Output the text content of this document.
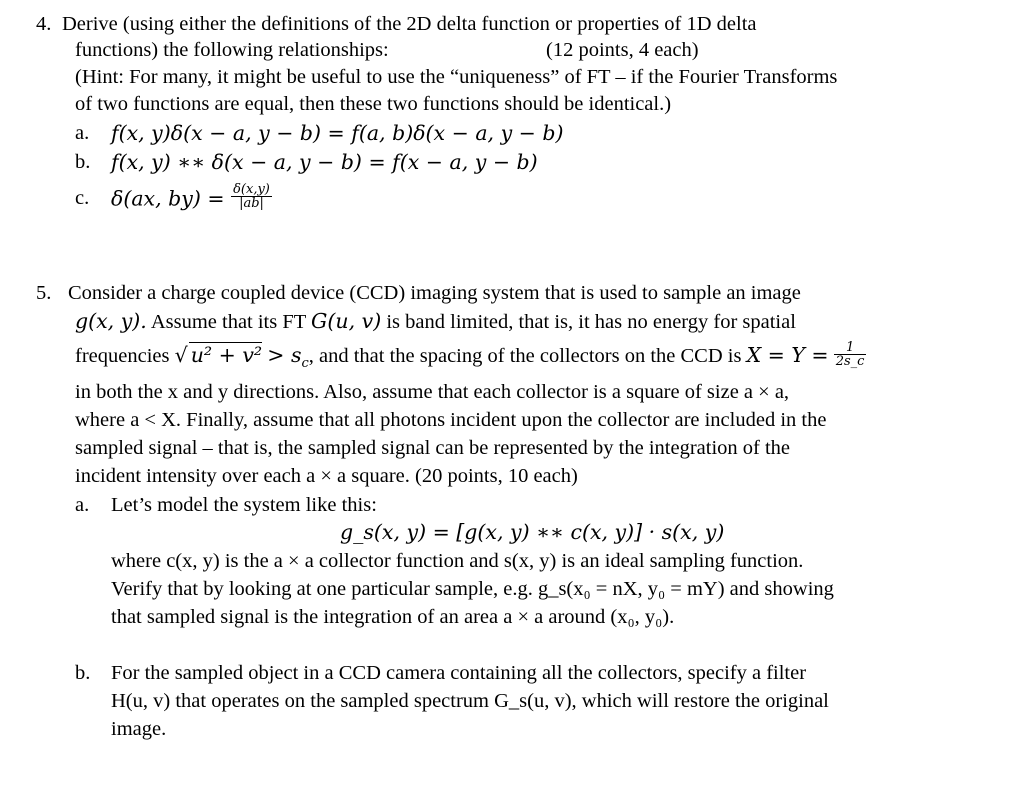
4. Derive (using either the definitions of the 2D delta function or properties of 1D delta
functions) the following relationships:	(12 points, 4 each)
(Hint: For many, it might be useful to use the “uniqueness” of FT – if the Fourier Transforms
of two functions are equal, then these two functions should be identical.)
a. f(x, y)δ(x − a, y − b) = f(a, b)δ(x − a, y − b)
b. f(x, y) ∗∗ δ(x − a, y − b) = f(x − a, y − b)
c. δ(ax, $by) = \frac{\delta(x,y)}{|ab|}$
5. Consider a charge coupled device (CCD) imaging system that is used to sample an image
g(x, y). Assume that its FT G(u, v) is band limited, that is, it has no energy for spatial
frequencies √ $u^2 + v^2 > s_c$, and that the spacing of the collectors on the CCD is $X = Y = \frac{1}{2s\_c}$
in both the x and y directions. Also, assume that each collector is a square of size a × a,
where a < X. Finally, assume that all photons incident upon the collector are included in the
sampled signal – that is, the sampled signal can be represented by the integration of the
incident intensity over each a × a square. (20 points, 10 each)
a. Let’s model the system like this:
g_s(x, y) = [g(x, y) ∗∗ c(x, y)] · s(x, y)
where c(x, y) is the a × a collector function and s(x, y) is an ideal sampling function.
Verify that by looking at one particular sample, e.g. g_s(x₀ = nX, y₀ = mY) and showing
that sampled signal is the integration of an area a × a around (x₀, y₀).
b. For the sampled object in a CCD camera containing all the collectors, specify a filter
H(u, v) that operates on the sampled spectrum G_s(u, v), which will restore the original
image.
